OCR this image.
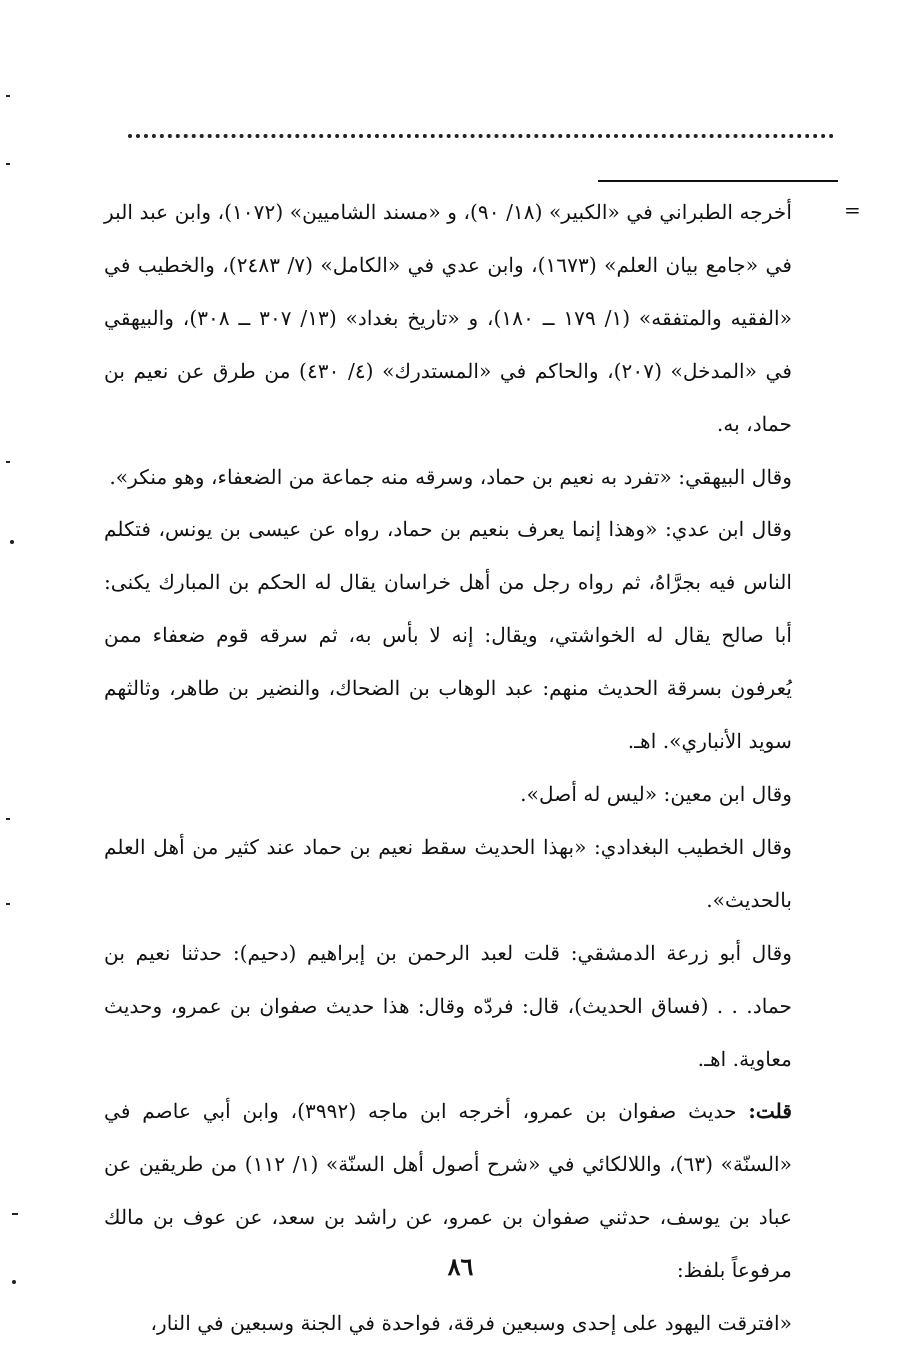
=

أخرجه الطبراني في «الكبير» (١٨/ ٩٠)، و «مسند الشاميين» (١٠٧٢)، وابن عبد البر في «جامع بيان العلم» (١٦٧٣)، وابن عدي في «الكامل» (٧/ ٢٤٨٣)، والخطيب في «الفقيه والمتفقه» (١/ ١٧٩ ــ ١٨٠)، و «تاريخ بغداد» (١٣/ ٣٠٧ ــ ٣٠٨)، والبيهقي في «المدخل» (٢٠٧)، والحاكم في «المستدرك» (٤/ ٤٣٠) من طرق عن نعيم بن حماد، به.

وقال البيهقي: «تفرد به نعيم بن حماد، وسرقه منه جماعة من الضعفاء، وهو منكر».

وقال ابن عدي: «وهذا إنما يعرف بنعيم بن حماد، رواه عن عيسى بن يونس، فتكلم الناس فيه بجرَّاهُ، ثم رواه رجل من أهل خراسان يقال له الحكم بن المبارك يكنى: أبا صالح يقال له الخواشتي، ويقال: إنه لا بأس به، ثم سرقه قوم ضعفاء ممن يُعرفون بسرقة الحديث منهم: عبد الوهاب بن الضحاك، والنضير بن طاهر، وثالثهم سويد الأنباري». اهـ.

وقال ابن معين: «ليس له أصل».

وقال الخطيب البغدادي: «بهذا الحديث سقط نعيم بن حماد عند كثير من أهل العلم بالحديث».

وقال أبو زرعة الدمشقي: قلت لعبد الرحمن بن إبراهيم (دحيم): حدثنا نعيم بن حماد. . . (فساق الحديث)، قال: فردّه وقال: هذا حديث صفوان بن عمرو، وحديث معاوية. اهـ.

قلت: حديث صفوان بن عمرو، أخرجه ابن ماجه (٣٩٩٢)، وابن أبي عاصم في «السنّة» (٦٣)، واللالكائي في «شرح أصول أهل السنّة» (١/ ١١٢) من طريقين عن عباد بن يوسف، حدثني صفوان بن عمرو، عن راشد بن سعد، عن عوف بن مالك مرفوعاً بلفظ:

«افترقت اليهود على إحدى وسبعين فرقة، فواحدة في الجنة وسبعين في النار،

٨٦
